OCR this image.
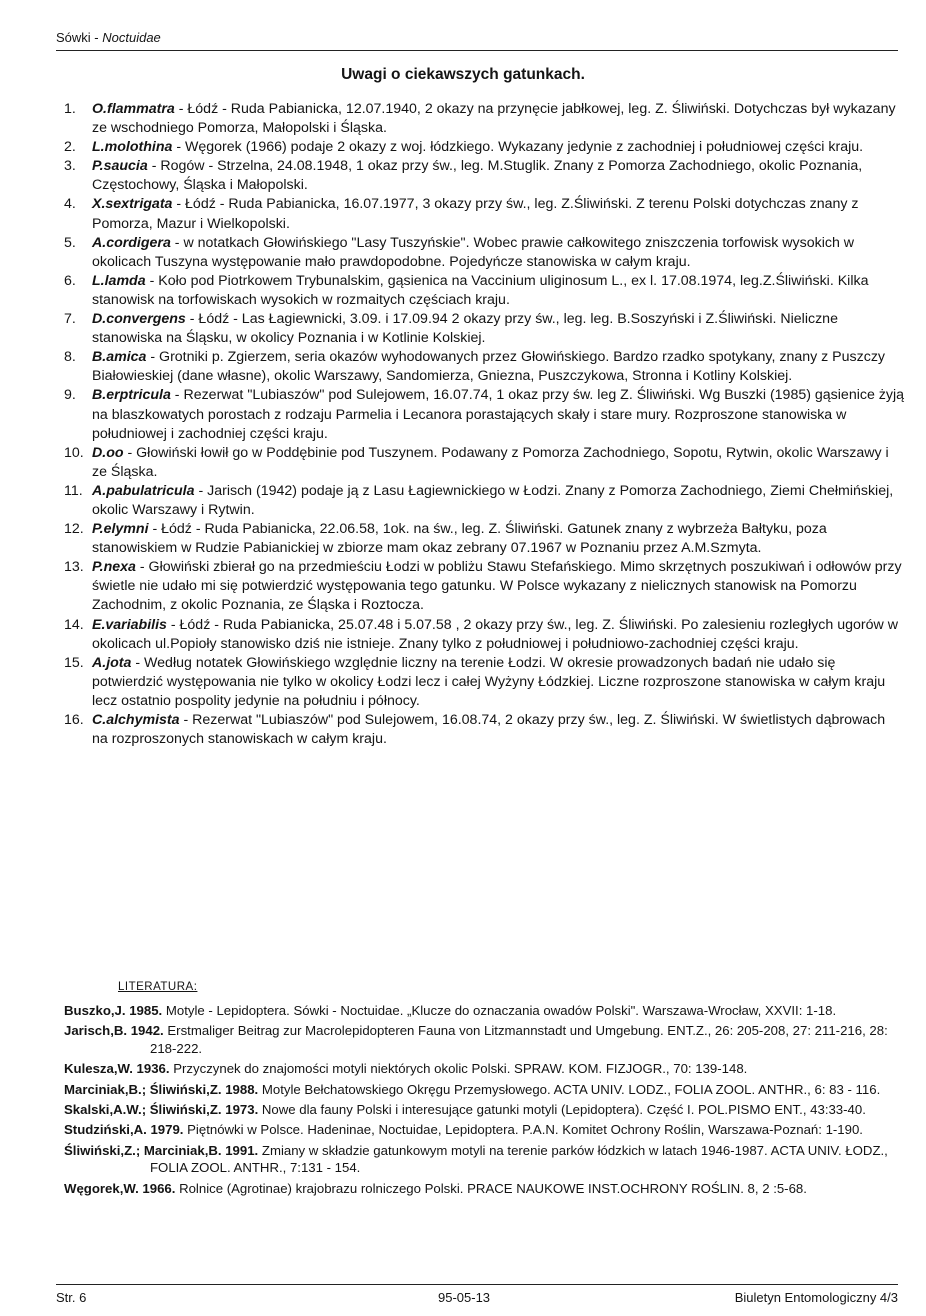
Sówki - Noctuidae
Uwagi o ciekawszych gatunkach.
1.	O.flammatra - Łódź - Ruda Pabianicka, 12.07.1940, 2 okazy na przynęcie jabłkowej, leg. Z. Śliwiński. Dotychczas był wykazany ze wschodniego Pomorza, Małopolski i Śląska.
2.	L.molothina - Węgorek (1966) podaje 2 okazy z woj. łódzkiego. Wykazany jedynie z zachodniej i południowej części kraju.
3.	P.saucia - Rogów - Strzelna, 24.08.1948, 1 okaz przy św., leg. M.Stuglik. Znany z Pomorza Zachodniego, okolic Poznania, Częstochowy, Śląska i Małopolski.
4.	X.sextrigata - Łódź - Ruda Pabianicka, 16.07.1977, 3 okazy przy św., leg. Z.Śliwiński. Z terenu Polski dotychczas znany z Pomorza, Mazur i Wielkopolski.
5.	A.cordigera - w notatkach Głowińskiego "Lasy Tuszyńskie". Wobec prawie całkowitego zniszczenia torfowisk wysokich w okolicach Tuszyna występowanie mało prawdopodobne. Pojedyńcze stanowiska w całym kraju.
6.	L.lamda - Koło pod Piotrkowem Trybunalskim, gąsienica na Vaccinium uliginosum L., ex l. 17.08.1974, leg.Z.Śliwiński. Kilka stanowisk na torfowiskach wysokich w rozmaitych częściach kraju.
7.	D.convergens - Łódź - Las Łagiewnicki, 3.09. i 17.09.94 2 okazy przy św., leg. leg. B.Soszyński i Z.Śliwiński. Nieliczne stanowiska na Śląsku, w okolicy Poznania i w Kotlinie Kolskiej.
8.	B.amica - Grotniki p. Zgierzem, seria okazów wyhodowanych przez Głowińskiego. Bardzo rzadko spotykany, znany z Puszczy Białowieskiej (dane własne), okolic Warszawy, Sandomierza, Gniezna, Puszczykowa, Stronna i Kotliny Kolskiej.
9.	B.erptricula - Rezerwat "Lubiaszów" pod Sulejowem, 16.07.74, 1 okaz przy św. leg Z. Śliwiński. Wg Buszki (1985) gąsienice żyją na blaszkowatych porostach z rodzaju Parmelia i Lecanora porastających skały i stare mury. Rozproszone stanowiska w południowej i zachodniej części kraju.
10. D.oo - Głowiński łowił go w Poddębinie pod Tuszynem. Podawany z Pomorza Zachodniego, Sopotu, Rytwin, okolic Warszawy i ze Śląska.
11. A.pabulatricula - Jarisch (1942) podaje ją z Lasu Łagiewnickiego w Łodzi. Znany z Pomorza Zachodniego, Ziemi Chełmińskiej, okolic Warszawy i Rytwin.
12. P.elymni - Łódź - Ruda Pabianicka, 22.06.58, 1ok. na św., leg. Z. Śliwiński. Gatunek znany z wybrzeża Bałtyku, poza stanowiskiem w Rudzie Pabianickiej w zbiorze mam okaz zebrany 07.1967 w Poznaniu przez A.M.Szmyta.
13. P.nexa - Głowiński zbierał go na przedmieściu Łodzi w pobliżu Stawu Stefańskiego. Mimo skrzętnych poszukiwań i odłowów przy świetle nie udało mi się potwierdzić występowania tego gatunku. W Polsce wykazany z nielicznych stanowisk na Pomorzu Zachodnim, z okolic Poznania, ze Śląska i Roztocza.
14. E.variabilis - Łódź - Ruda Pabianicka, 25.07.48 i 5.07.58 , 2 okazy przy św., leg. Z. Śliwiński. Po zalesieniu rozległych ugorów w okolicach ul.Popioły stanowisko dziś nie istnieje. Znany tylko z południowej i południowo-zachodniej części kraju.
15. A.jota - Według notatek Głowińskiego względnie liczny na terenie Łodzi. W okresie prowadzonych badań nie udało się potwierdzić występowania nie tylko w okolicy Łodzi lecz i całej Wyżyny Łódzkiej. Liczne rozproszone stanowiska w całym kraju lecz ostatnio pospolity jedynie na południu i północy.
16. C.alchymista - Rezerwat "Lubiaszów" pod Sulejowem, 16.08.74, 2 okazy przy św., leg. Z. Śliwiński. W świetlistych dąbrowach na rozproszonych stanowiskach w całym kraju.
LITERATURA:
Buszko,J. 1985. Motyle - Lepidoptera. Sówki - Noctuidae. „Klucze do oznaczania owadów Polski". Warszawa-Wrocław, XXVII: 1-18.
Jarisch,B. 1942. Erstmaliger Beitrag zur Macrolepidopteren Fauna von Litzmannstadt und Umgebung. ENT.Z., 26: 205-208, 27: 211-216, 28: 218-222.
Kulesza,W. 1936. Przyczynek do znajomości motyli niektórych okolic Polski. SPRAW. KOM. FIZJOGR., 70: 139-148.
Marciniak,B.; Śliwiński,Z. 1988. Motyle Bełchatowskiego Okręgu Przemysłowego. ACTA UNIV. LODZ., FOLIA ZOOL. ANTHR., 6: 83 - 116.
Skalski,A.W.; Śliwiński,Z. 1973. Nowe dla fauny Polski i interesujące gatunki motyli (Lepidoptera). Część I. POL.PISMO ENT., 43:33-40.
Studziński,A. 1979. Piętnówki w Polsce. Hadeninae, Noctuidae, Lepidoptera. P.A.N. Komitet Ochrony Roślin, Warszawa-Poznań: 1-190.
Śliwiński,Z.; Marciniak,B. 1991. Zmiany w składzie gatunkowym motyli na terenie parków łódzkich w latach 1946-1987. ACTA UNIV. ŁODZ., FOLIA ZOOL. ANTHR., 7:131 - 154.
Węgorek,W. 1966. Rolnice (Agrotinae) krajobrazu rolniczego Polski. PRACE NAUKOWE INST.OCHRONY ROŚLIN. 8, 2 :5-68.
Str. 6	95-05-13	Biuletyn Entomologiczny 4/3
